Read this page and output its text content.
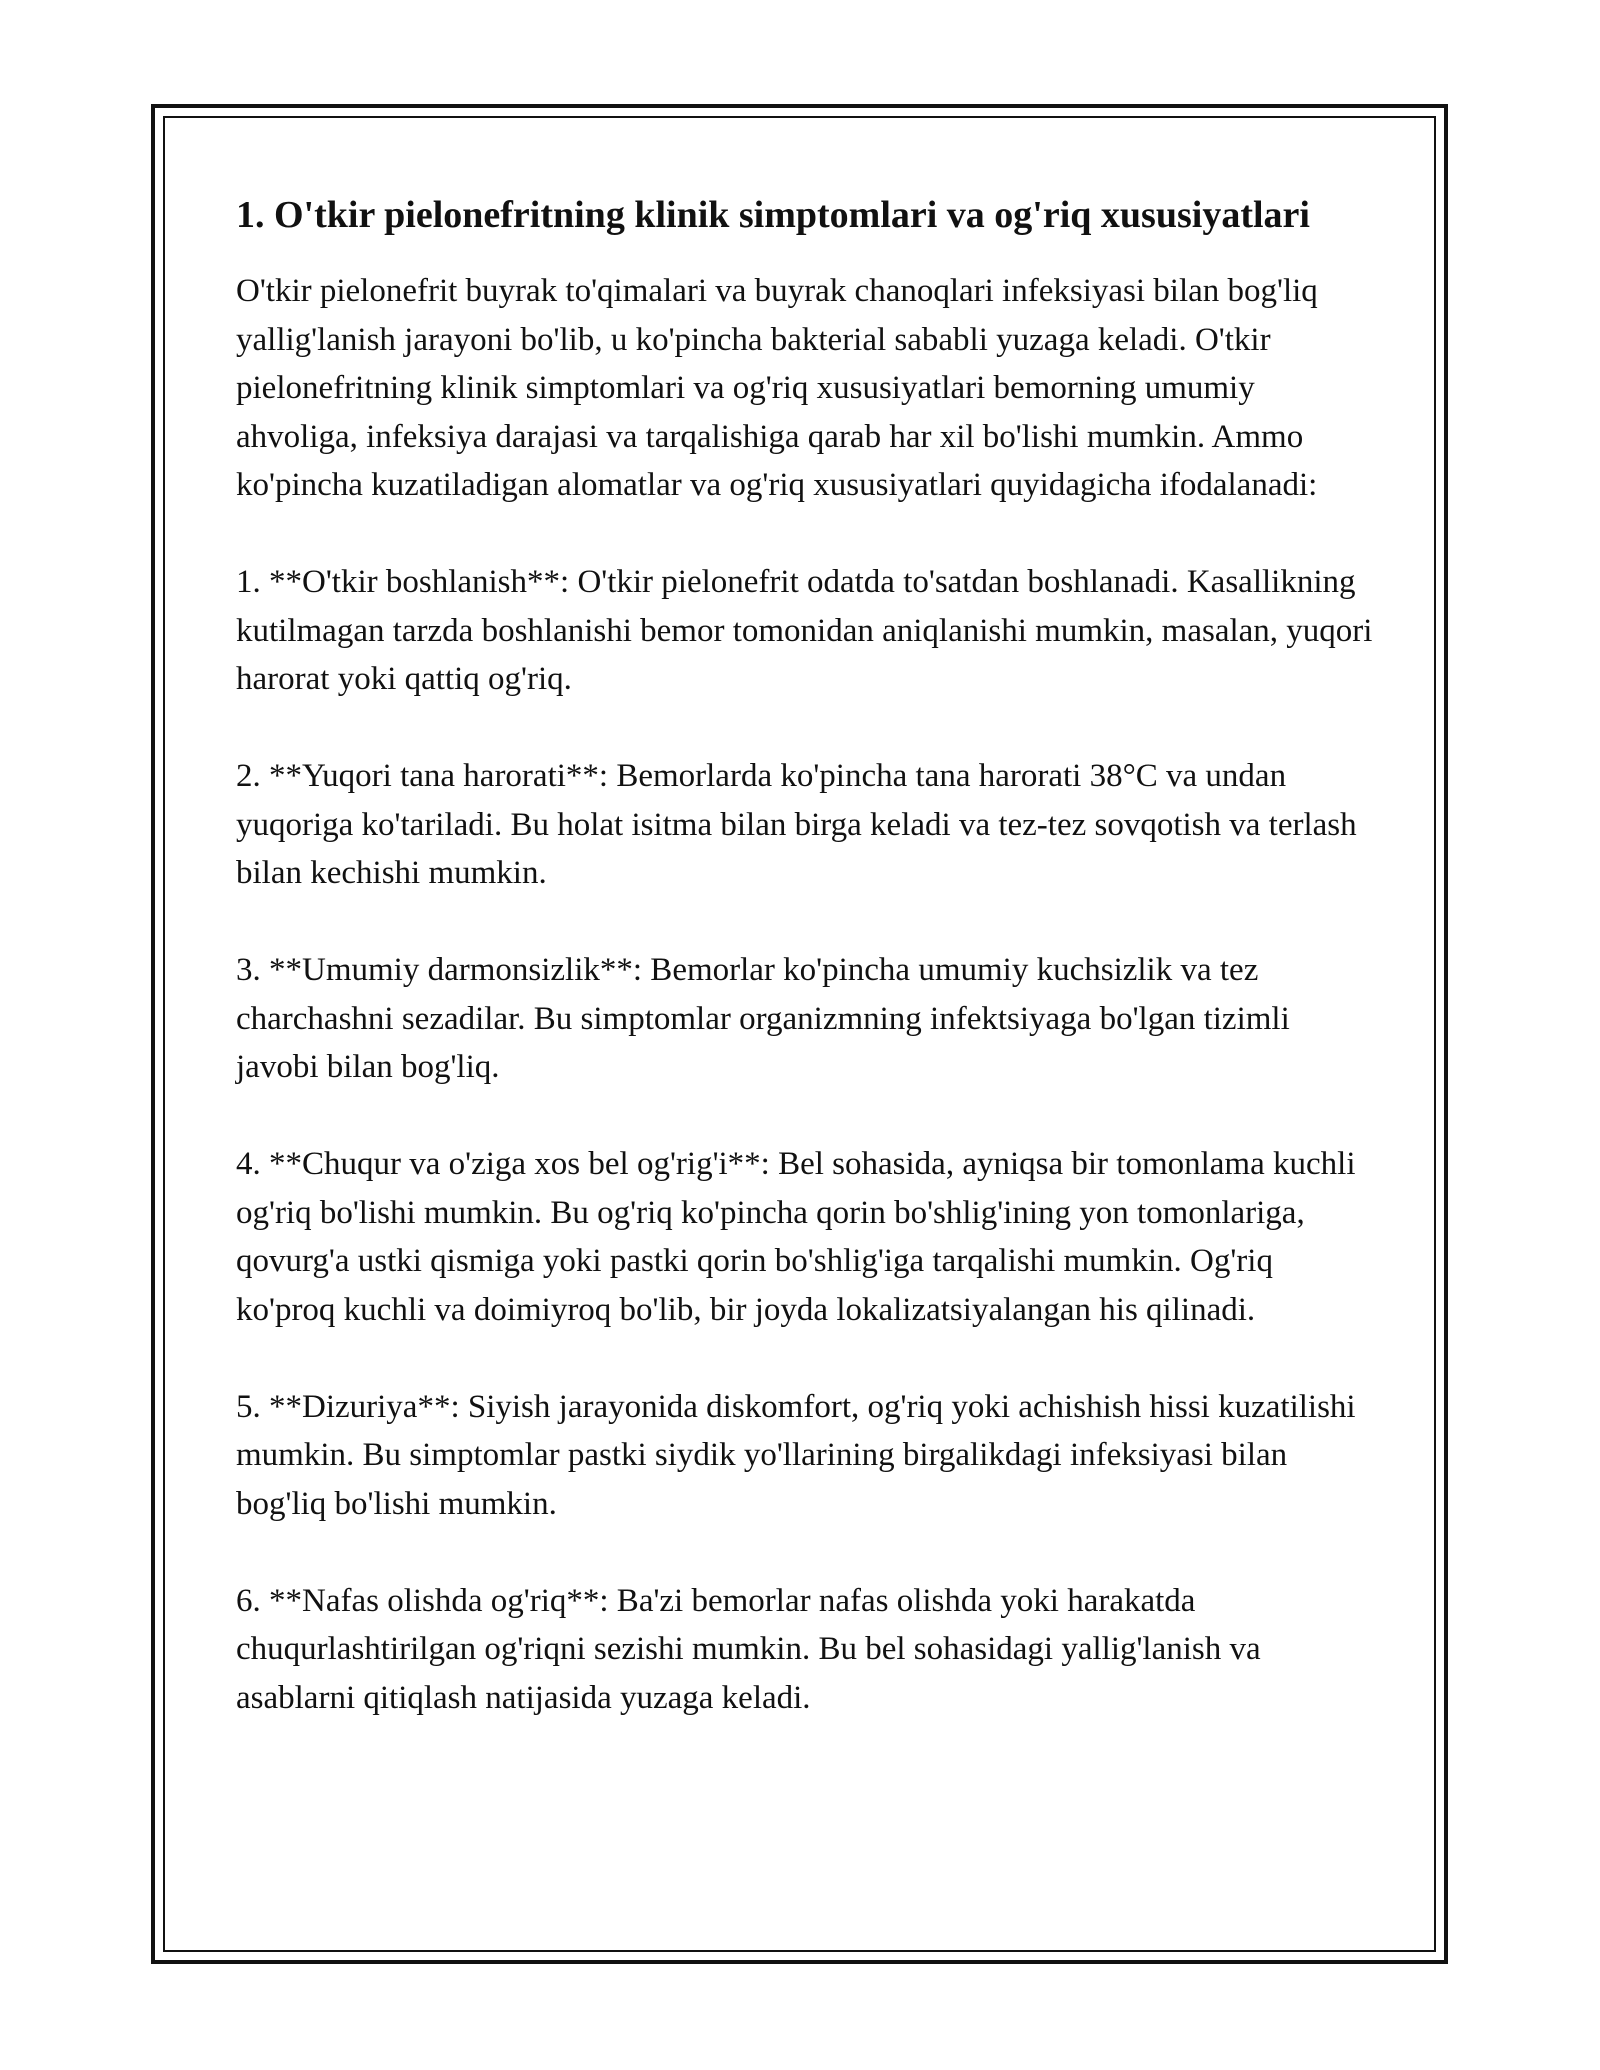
1. O'tkir pielonefritning klinik simptomlari va og'riq xususiyatlari

O'tkir pielonefrit buyrak to'qimalari va buyrak chanoqlari infeksiyasi bilan bog'liq yallig'lanish jarayoni bo'lib, u ko'pincha bakterial sababli yuzaga keladi. O'tkir pielonefritning klinik simptomlari va og'riq xususiyatlari bemorning umumiy ahvoliga, infeksiya darajasi va tarqalishiga qarab har xil bo'lishi mumkin. Ammo ko'pincha kuzatiladigan alomatlar va og'riq xususiyatlari quyidagicha ifodalanadi:

1. **O'tkir boshlanish**: O'tkir pielonefrit odatda to'satdan boshlanadi. Kasallikning kutilmagan tarzda boshlanishi bemor tomonidan aniqlanishi mumkin, masalan, yuqori harorat yoki qattiq og'riq.

2. **Yuqori tana harorati**: Bemorlarda ko'pincha tana harorati 38°C va undan yuqoriga ko'tariladi. Bu holat isitma bilan birga keladi va tez-tez sovqotish va terlash bilan kechishi mumkin.

3. **Umumiy darmonsizlik**: Bemorlar ko'pincha umumiy kuchsizlik va tez charchashni sezadilar. Bu simptomlar organizmning infektsiyaga bo'lgan tizimli javobi bilan bog'liq.

4. **Chuqur va o'ziga xos bel og'rig'i**: Bel sohasida, ayniqsa bir tomonlama kuchli og'riq bo'lishi mumkin. Bu og'riq ko'pincha qorin bo'shlig'ining yon tomonlariga, qovurg'a ustki qismiga yoki pastki qorin bo'shlig'iga tarqalishi mumkin. Og'riq ko'proq kuchli va doimiyroq bo'lib, bir joyda lokalizatsiyalangan his qilinadi.

5. **Dizuriya**: Siyish jarayonida diskomfort, og'riq yoki achishish hissi kuzatilishi mumkin. Bu simptomlar pastki siydik yo'llarining birgalikdagi infeksiyasi bilan bog'liq bo'lishi mumkin.

6. **Nafas olishda og'riq**: Ba'zi bemorlar nafas olishda yoki harakatda chuqurlashtirilgan og'riqni sezishi mumkin. Bu bel sohasidagi yallig'lanish va asablarni qitiqlash natijasida yuzaga keladi.
